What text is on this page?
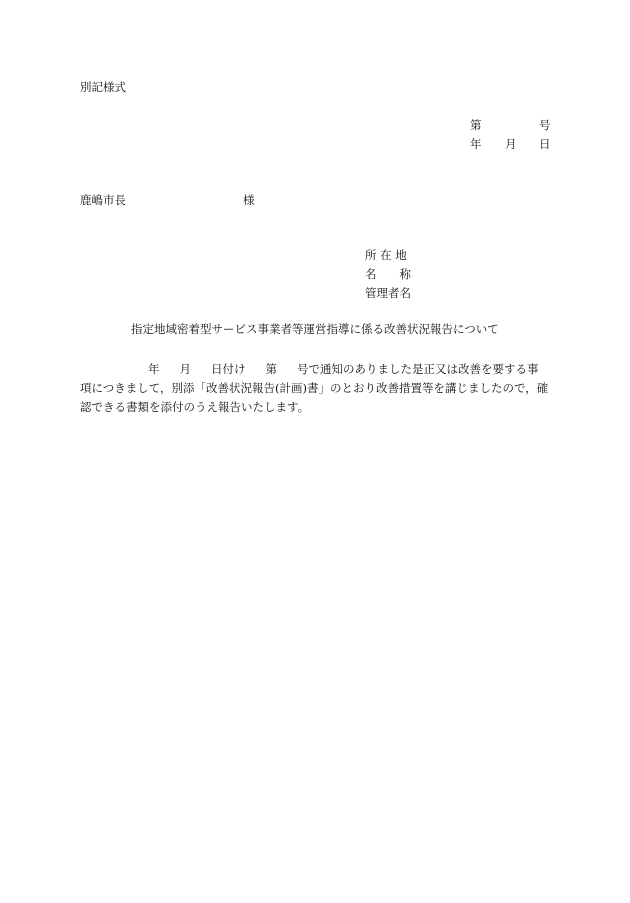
別記様式
第	号
年 月 日
鹿嶋市長	様
所 在 地
名　　称
管理者名
指定地域密着型サービス事業者等運営指導に係る改善状況報告について
年 月 日付け 第 号で通知のありました是正又は改善を要する事
項につきまして，別添「改善状況報告(計画)書」のとおり改善措置等を講じましたので，確
認できる書類を添付のうえ報告いたします。
